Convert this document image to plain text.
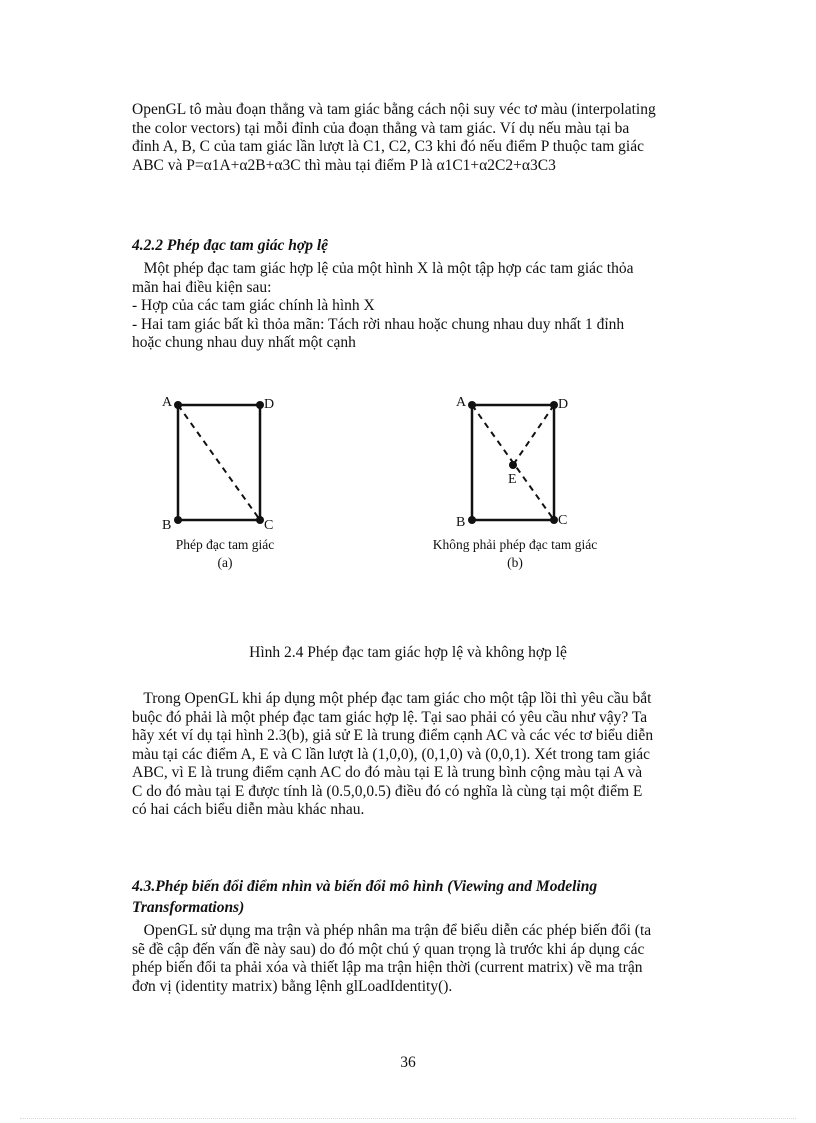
OpenGL tô màu đoạn thẳng và tam giác bằng cách nội suy véc tơ màu (interpolating
the color vectors) tại mỗi đỉnh của đoạn thẳng và tam giác. Ví dụ nếu màu tại ba
đỉnh A, B, C của tam giác lần lượt là C1, C2, C3 khi đó nếu điểm P thuộc tam giác
ABC và P=α1A+α2B+α3C thì màu tại điểm P là α1C1+α2C2+α3C3

4.2.2 Phép đạc tam giác hợp lệ

Một phép đạc tam giác hợp lệ của một hình X là một tập hợp các tam giác thỏa
mãn hai điều kiện sau:
- Hợp của các tam giác chính là hình X
- Hai tam giác bất kì thỏa mãn: Tách rời nhau hoặc chung nhau duy nhất 1 đỉnh
hoặc chung nhau duy nhất một cạnh

A	D
B	C
Phép đạc tam giác
(a)
A	D
B	C
E
Không phải phép đạc tam giác
(b)
Hình 2.4 Phép đạc tam giác hợp lệ và không hợp lệ

Trong OpenGL khi áp dụng một phép đạc tam giác cho một tập lồi thì yêu cầu bắt
buộc đó phải là một phép đạc tam giác hợp lệ. Tại sao phải có yêu cầu như vậy? Ta
hãy xét ví dụ tại hình 2.3(b), giả sử E là trung điểm cạnh AC và các véc tơ biểu diễn
màu tại các điểm A, E và C lần lượt là (1,0,0), (0,1,0) và (0,0,1). Xét trong tam giác
ABC, vì E là trung điểm cạnh AC do đó màu tại E là trung bình cộng màu tại A và
C do đó màu tại E được tính là (0.5,0,0.5) điều đó có nghĩa là cùng tại một điểm E
có hai cách biểu diễn màu khác nhau.

4.3.Phép biến đổi điểm nhìn và biến đổi mô hình (Viewing and Modeling
Transformations)

OpenGL sử dụng ma trận và phép nhân ma trận để biểu diễn các phép biến đổi (ta
sẽ đề cập đến vấn đề này sau) do đó một chú ý quan trọng là trước khi áp dụng các
phép biến đổi ta phải xóa và thiết lập ma trận hiện thời (current matrix) về ma trận
đơn vị (identity matrix) bằng lệnh glLoadIdentity().

36
